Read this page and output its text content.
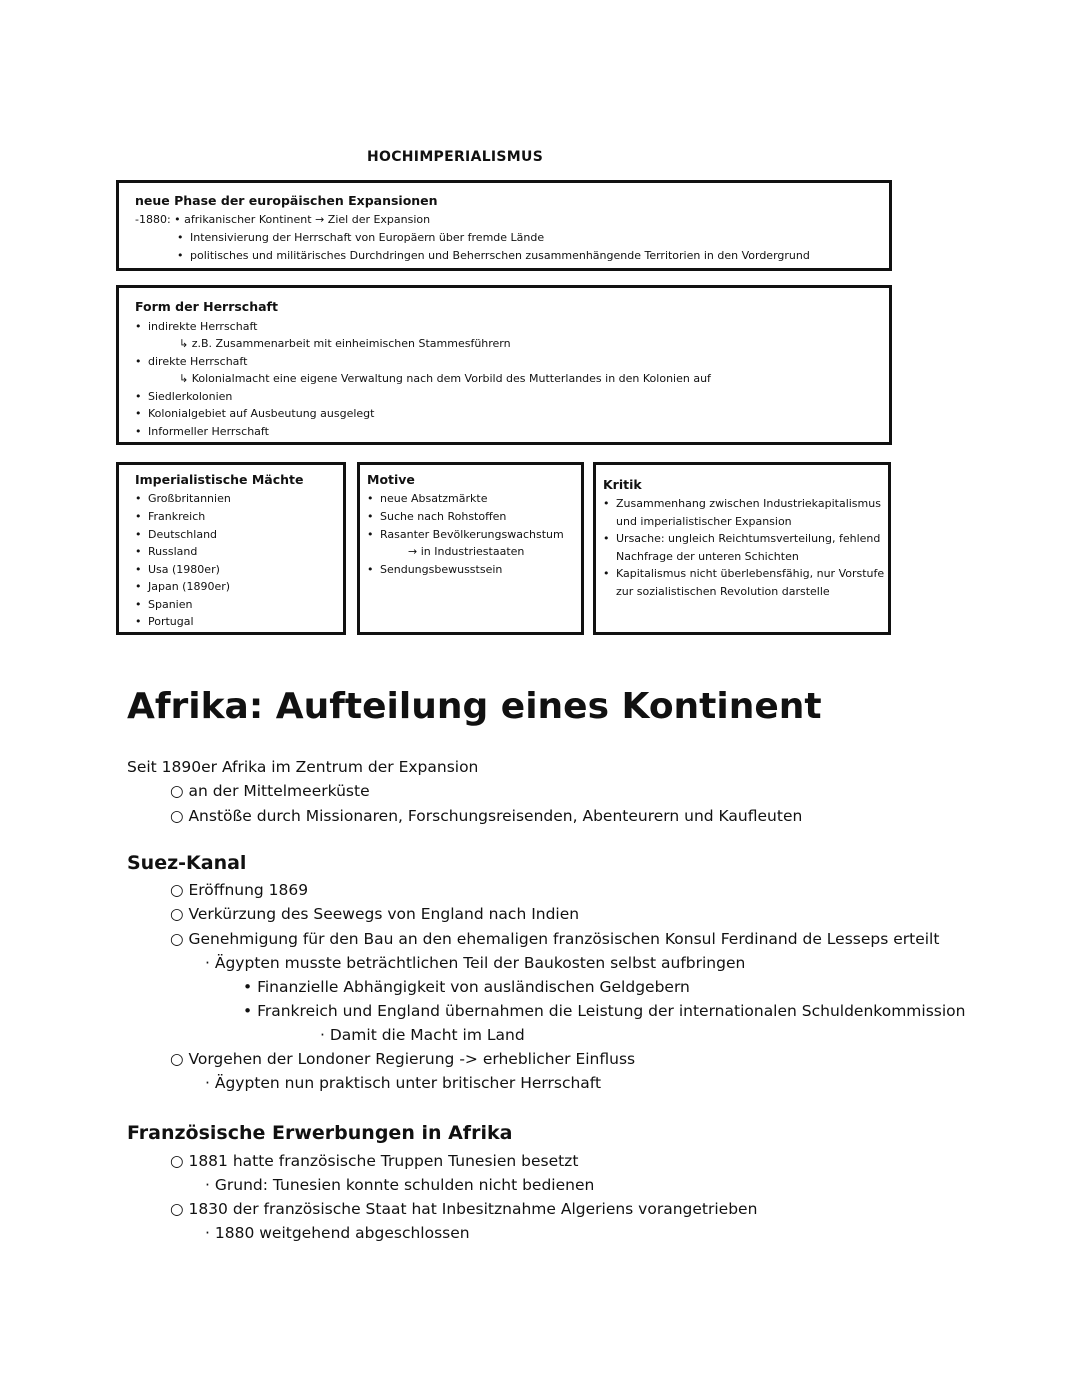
HOCHIMPERIALISMUS
neue Phase der europäischen Expansionen
-1880: • afrikanischer Kontinent → Ziel der Expansion
• Intensivierung der Herrschaft von Europäern über fremde Lände
• politisches und militärisches Durchdringen und Beherrschen zusammenhängende Territorien in den Vordergrund
Form der Herrschaft
• indirekte Herrschaft
↳ z.B. Zusammenarbeit mit einheimischen Stammesführern
• direkte Herrschaft
↳ Kolonialmacht eine eigene Verwaltung nach dem Vorbild des Mutterlandes in den Kolonien auf
• Siedlerkolonien
• Kolonialgebiet auf Ausbeutung ausgelegt
• Informeller Herrschaft
Imperialistische Mächte
• Großbritannien
• Frankreich
• Deutschland
• Russland
• Usa (1980er)
• Japan (1890er)
• Spanien
• Portugal
Motive
• neue Absatzmärkte
• Suche nach Rohstoffen
• Rasanter Bevölkerungswachstum
→ in Industriestaaten
• Sendungsbewusstsein
Kritik
• Zusammenhang zwischen Industriekapitalismus
und imperialistischer Expansion
• Ursache: ungleich Reichtumsverteilung, fehlend
Nachfrage der unteren Schichten
• Kapitalismus nicht überlebensfähig, nur Vorstufe
zur sozialistischen Revolution darstelle
Afrika: Aufteilung eines Kontinent
Seit 1890er Afrika im Zentrum der Expansion
○ an der Mittelmeerküste
○ Anstöße durch Missionaren, Forschungsreisenden, Abenteurern und Kaufleuten
Suez-Kanal
○ Eröffnung 1869
○ Verkürzung des Seewegs von England nach Indien
○ Genehmigung für den Bau an den ehemaligen französischen Konsul Ferdinand de Lesseps erteilt
· Ägypten musste beträchtlichen Teil der Baukosten selbst aufbringen
• Finanzielle Abhängigkeit von ausländischen Geldgebern
• Frankreich und England übernahmen die Leistung der internationalen Schuldenkommission
· Damit die Macht im Land
○ Vorgehen der Londoner Regierung -> erheblicher Einfluss
· Ägypten nun praktisch unter britischer Herrschaft
Französische Erwerbungen in Afrika
○ 1881 hatte französische Truppen Tunesien besetzt
· Grund: Tunesien konnte schulden nicht bedienen
○ 1830 der französische Staat hat Inbesitznahme Algeriens vorangetrieben
· 1880 weitgehend abgeschlossen
